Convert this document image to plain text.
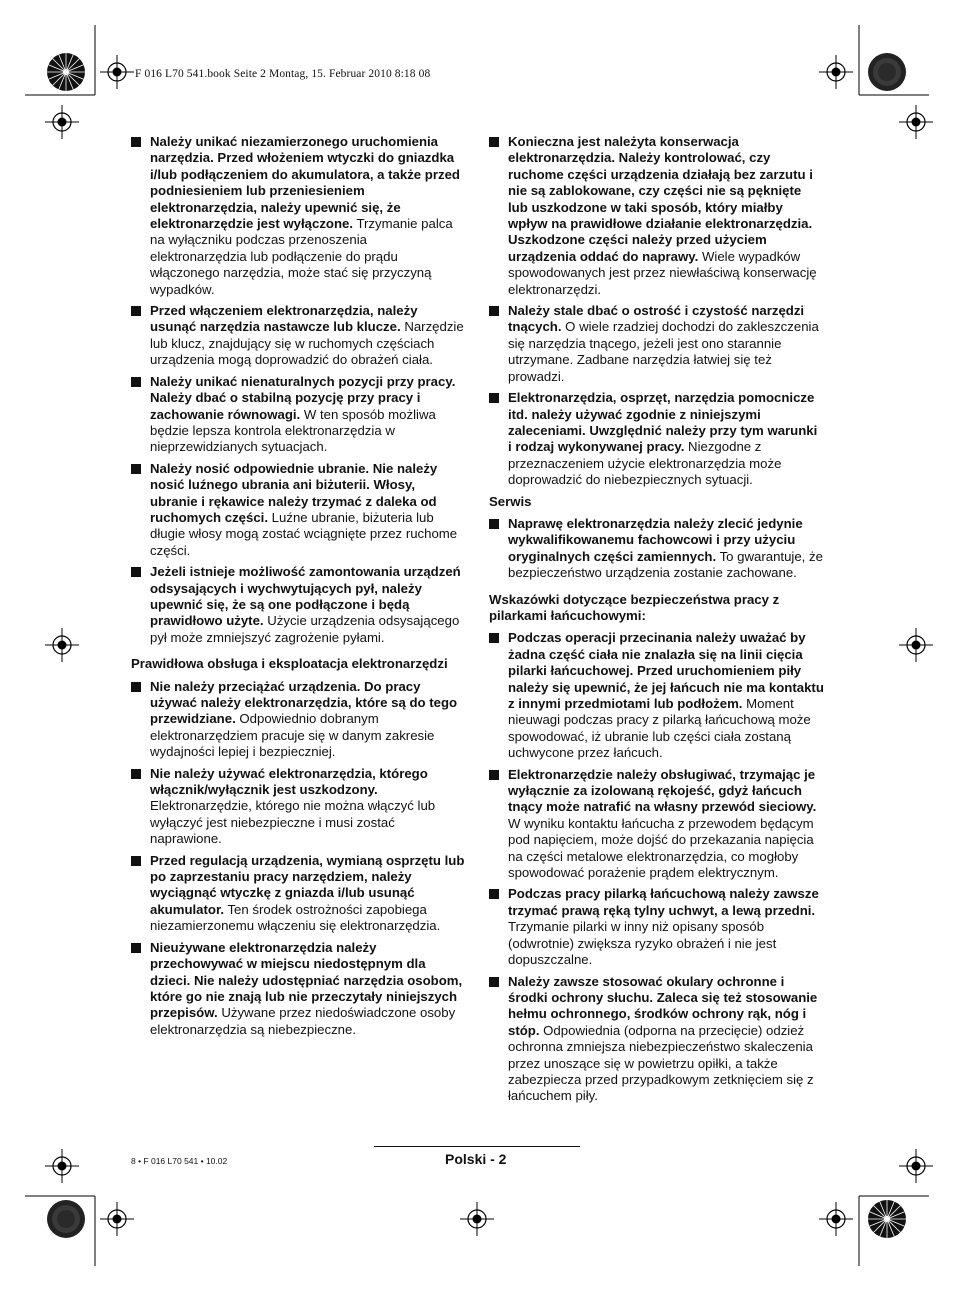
F 016 L70 541.book Seite 2 Montag, 15. Februar 2010 8:18 08
Należy unikać niezamierzonego uruchomienia narzędzia. Przed włożeniem wtyczki do gniazdka i/lub podłączeniem do akumulatora, a także przed podniesieniem lub przeniesieniem elektronarzędzia, należy upewnić się, że elektronarzędzie jest wyłączone. Trzymanie palca na wyłączniku podczas przenoszenia elektronarzędzia lub podłączenie do prądu włączonego narzędzia, może stać się przyczyną wypadków.
Przed włączeniem elektronarzędzia, należy usunąć narzędzia nastawcze lub klucze. Narzędzie lub klucz, znajdujący się w ruchomych częściach urządzenia mogą doprowadzić do obrażeń ciała.
Należy unikać nienaturalnych pozycji przy pracy. Należy dbać o stabilną pozycję przy pracy i zachowanie równowagi. W ten sposób możliwa będzie lepsza kontrola elektronarzędzia w nieprzewidzianych sytuacjach.
Należy nosić odpowiednie ubranie. Nie należy nosić luźnego ubrania ani biżuterii. Włosy, ubranie i rękawice należy trzymać z daleka od ruchomych części. Luźne ubranie, biżuteria lub długie włosy mogą zostać wciągnięte przez ruchome części.
Jeżeli istnieje możliwość zamontowania urządzeń odsysających i wychwytujących pył, należy upewnić się, że są one podłączone i będą prawidłowo użyte. Użycie urządzenia odsysającego pył może zmniejszyć zagrożenie pyłami.
Prawidłowa obsługa i eksploatacja elektronarzędzi
Nie należy przeciążać urządzenia. Do pracy używać należy elektronarzędzia, które są do tego przewidziane. Odpowiednio dobranym elektronarzędziem pracuje się w danym zakresie wydajności lepiej i bezpieczniej.
Nie należy używać elektronarzędzia, którego włącznik/wyłącznik jest uszkodzony. Elektronarzędzie, którego nie można włączyć lub wyłączyć jest niebezpieczne i musi zostać naprawione.
Przed regulacją urządzenia, wymianą osprzętu lub po zaprzestaniu pracy narzędziem, należy wyciągnąć wtyczkę z gniazda i/lub usunąć akumulator. Ten środek ostrożności zapobiega niezamierzonemu włączeniu się elektronarzędzia.
Nieużywane elektronarzędzia należy przechowywać w miejscu niedostępnym dla dzieci. Nie należy udostępniać narzędzia osobom, które go nie znają lub nie przeczytały niniejszych przepisów. Używane przez niedoświadczone osoby elektronarzędzia są niebezpieczne.
Konieczna jest należyta konserwacja elektronarzędzia. Należy kontrolować, czy ruchome części urządzenia działają bez zarzutu i nie są zablokowane, czy części nie są pęknięte lub uszkodzone w taki sposób, który miałby wpływ na prawidłowe działanie elektronarzędzia. Uszkodzone części należy przed użyciem urządzenia oddać do naprawy. Wiele wypadków spowodowanych jest przez niewłaściwą konserwację elektronarzędzi.
Należy stale dbać o ostrość i czystość narzędzi tnących. O wiele rzadziej dochodzi do zakleszczenia się narzędzia tnącego, jeżeli jest ono starannie utrzymane. Zadbane narzędzia łatwiej się też prowadzi.
Elektronarzędzia, osprzęt, narzędzia pomocnicze itd. należy używać zgodnie z niniejszymi zaleceniami. Uwzględnić należy przy tym warunki i rodzaj wykonywanej pracy. Niezgodne z przeznaczeniem użycie elektronarzędzia może doprowadzić do niebezpiecznych sytuacji.
Serwis
Naprawę elektronarzędzia należy zlecić jedynie wykwalifikowanemu fachowcowi i przy użyciu oryginalnych części zamiennych. To gwarantuje, że bezpieczeństwo urządzenia zostanie zachowane.
Wskazówki dotyczące bezpieczeństwa pracy z pilarkami łańcuchowymi:
Podczas operacji przecinania należy uważać by żadna część ciała nie znalazła się na linii cięcia pilarki łańcuchowej. Przed uruchomieniem piły należy się upewnić, że jej łańcuch nie ma kontaktu z innymi przedmiotami lub podłożem. Moment nieuwagi podczas pracy z pilarką łańcuchową może spowodować, iż ubranie lub części ciała zostaną uchwycone przez łańcuch.
Elektronarzędzie należy obsługiwać, trzymając je wyłącznie za izolowaną rękojeść, gdyż łańcuch tnący może natrafić na własny przewód sieciowy. W wyniku kontaktu łańcucha z przewodem będącym pod napięciem, może dojść do przekazania napięcia na części metalowe elektronarzędzia, co mogłoby spowodować porażenie prądem elektrycznym.
Podczas pracy pilarką łańcuchową należy zawsze trzymać prawą ręką tylny uchwyt, a lewą przedni. Trzymanie pilarki w inny niż opisany sposób (odwrotnie) zwiększa ryzyko obrażeń i nie jest dopuszczalne.
Należy zawsze stosować okulary ochronne i środki ochrony słuchu. Zaleca się też stosowanie hełmu ochronnego, środków ochrony rąk, nóg i stóp. Odpowiednia (odporna na przecięcie) odzież ochronna zmniejsza niebezpieczeństwo skaleczenia przez unoszące się w powietrzu opiłki, a także zabezpiecza przed przypadkowym zetknięciem się z łańcuchem piły.
8 • F 016 L70 541 • 10.02	Polski - 2
